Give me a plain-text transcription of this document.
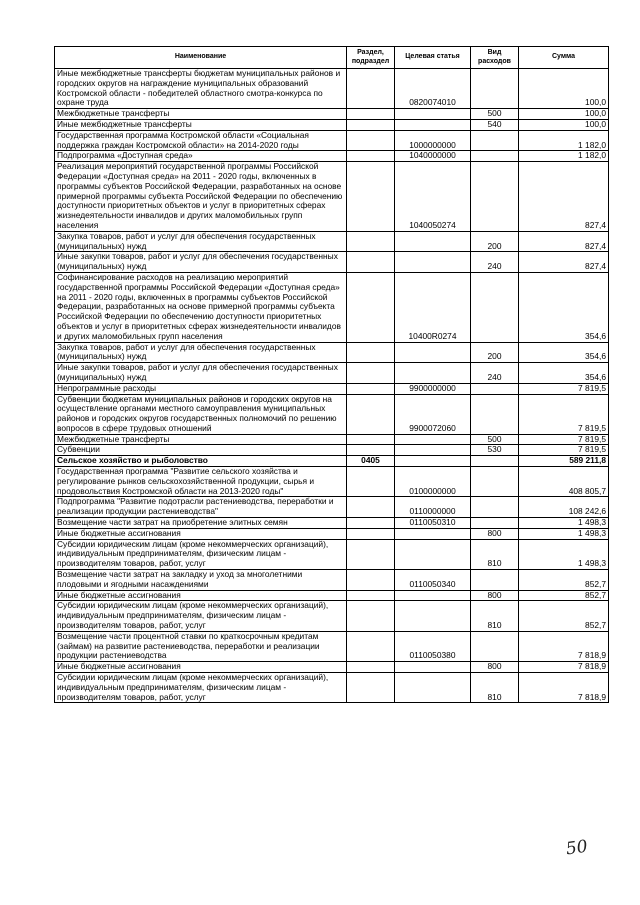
Наименование	Раздел, подраздел	Целевая статья	Вид расходов	Сумма
Иные межбюджетные трансферты бюджетам муниципальных районов и городских округов на награждение муниципальных образований Костромской области - победителей областного смотра-конкурса по охране труда		0820074010		100,0
Межбюджетные трансферты			500	100,0
Иные межбюджетные трансферты			540	100,0
Государственная программа Костромской области «Социальная поддержка граждан Костромской области» на 2014-2020 годы		1000000000		1 182,0
Подпрограмма «Доступная среда»		1040000000		1 182,0
Реализация мероприятий государственной программы Российской Федерации «Доступная среда» на 2011 - 2020 годы, включенных в программы субъектов Российской Федерации, разработанных на основе примерной программы субъекта Российской Федерации по обеспечению доступности приоритетных объектов и услуг в приоритетных сферах жизнедеятельности инвалидов и других маломобильных групп населения		1040050274		827,4
Закупка товаров, работ и услуг для обеспечения государственных (муниципальных) нужд			200	827,4
Иные закупки товаров, работ и услуг для обеспечения государственных (муниципальных) нужд			240	827,4
Софинансирование расходов на реализацию мероприятий государственной программы Российской Федерации «Доступная среда» на 2011 - 2020 годы, включенных в программы субъектов Российской Федерации, разработанных на основе примерной программы субъекта Российской Федерации по обеспечению доступности приоритетных объектов и услуг в приоритетных сферах жизнедеятельности инвалидов и других маломобильных групп населения		10400R0274		354,6
Закупка товаров, работ и услуг для обеспечения государственных (муниципальных) нужд			200	354,6
Иные закупки товаров, работ и услуг для обеспечения государственных (муниципальных) нужд			240	354,6
Непрограммные расходы		9900000000		7 819,5
Субвенции бюджетам муниципальных районов и городских округов на осуществление органами местного самоуправления муниципальных районов и городских округов государственных полномочий по решению вопросов в сфере трудовых отношений		9900072060		7 819,5
Межбюджетные трансферты			500	7 819,5
Субвенции			530	7 819,5
Сельское хозяйство и рыболовство	0405			589 211,8
Государственная программа "Развитие сельского хозяйства и регулирование рынков сельскохозяйственной продукции, сырья и продовольствия Костромской области на 2013-2020 годы"		0100000000		408 805,7
Подпрограмма "Развитие подотрасли растениеводства, переработки и реализации продукции растениеводства"		0110000000		108 242,6
Возмещение части затрат на приобретение элитных семян		0110050310		1 498,3
Иные бюджетные ассигнования			800	1 498,3
Субсидии юридическим лицам (кроме некоммерческих организаций), индивидуальным предпринимателям, физическим лицам - производителям товаров, работ, услуг			810	1 498,3
Возмещение части затрат на закладку и уход за многолетними плодовыми и ягодными насаждениями		0110050340		852,7
Иные бюджетные ассигнования			800	852,7
Субсидии юридическим лицам (кроме некоммерческих организаций), индивидуальным предпринимателям, физическим лицам - производителям товаров, работ, услуг			810	852,7
Возмещение части процентной ставки по краткосрочным кредитам (займам) на развитие растениеводства, переработки и реализации продукции растениеводства		0110050380		7 818,9
Иные бюджетные ассигнования			800	7 818,9
Субсидии юридическим лицам (кроме некоммерческих организаций), индивидуальным предпринимателям, физическим лицам - производителям товаров, работ, услуг			810	7 818,9
50
